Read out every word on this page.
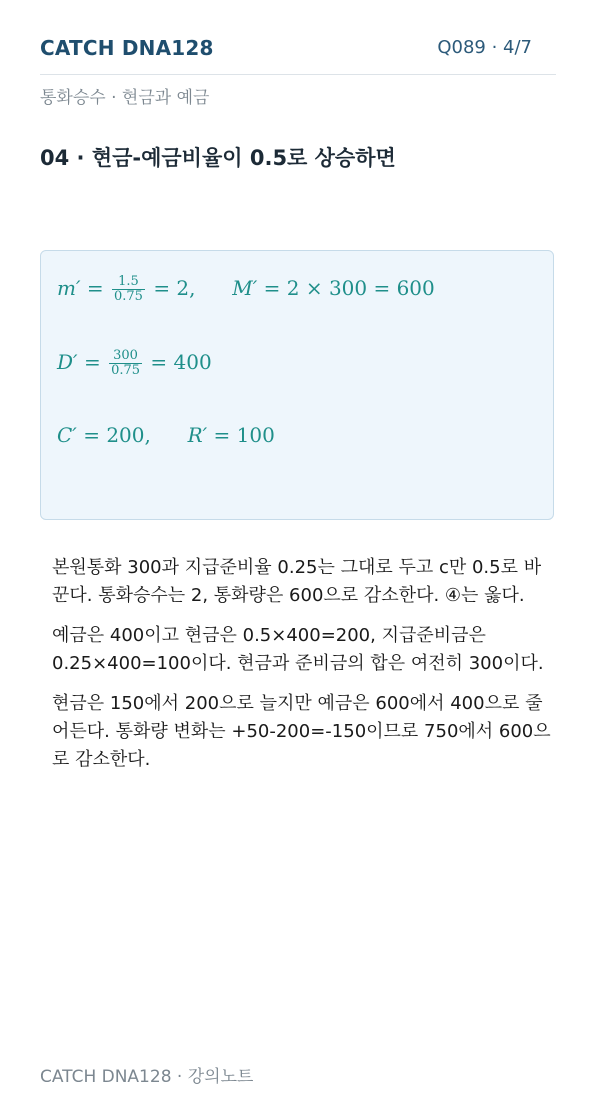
CATCH DNA128	Q089 · 4/7
통화승수 · 현금과 예금
04 · 현금-예금비율이 0.5로 상승하면
$m' = \frac{1.5}{0.75} = 2$, M′ = 2 × 300 = 600
$D' = \frac{300}{0.75} = 400$
C′ = 200, R′ = 100

본원통화 300과 지급준비율 0.25는 그대로 두고 c만 0.5로 바꾼다. 통화승수는 2, 통화량은 600으로 감소한다. ④는 옳다.

예금은 400이고 현금은 0.5×400=200, 지급준비금은 0.25×400=100이다. 현금과 준비금의 합은 여전히 300이다.

현금은 150에서 200으로 늘지만 예금은 600에서 400으로 줄어든다. 통화량 변화는 +50-200=-150이므로 750에서 600으로 감소한다.

CATCH DNA128 · 강의노트
